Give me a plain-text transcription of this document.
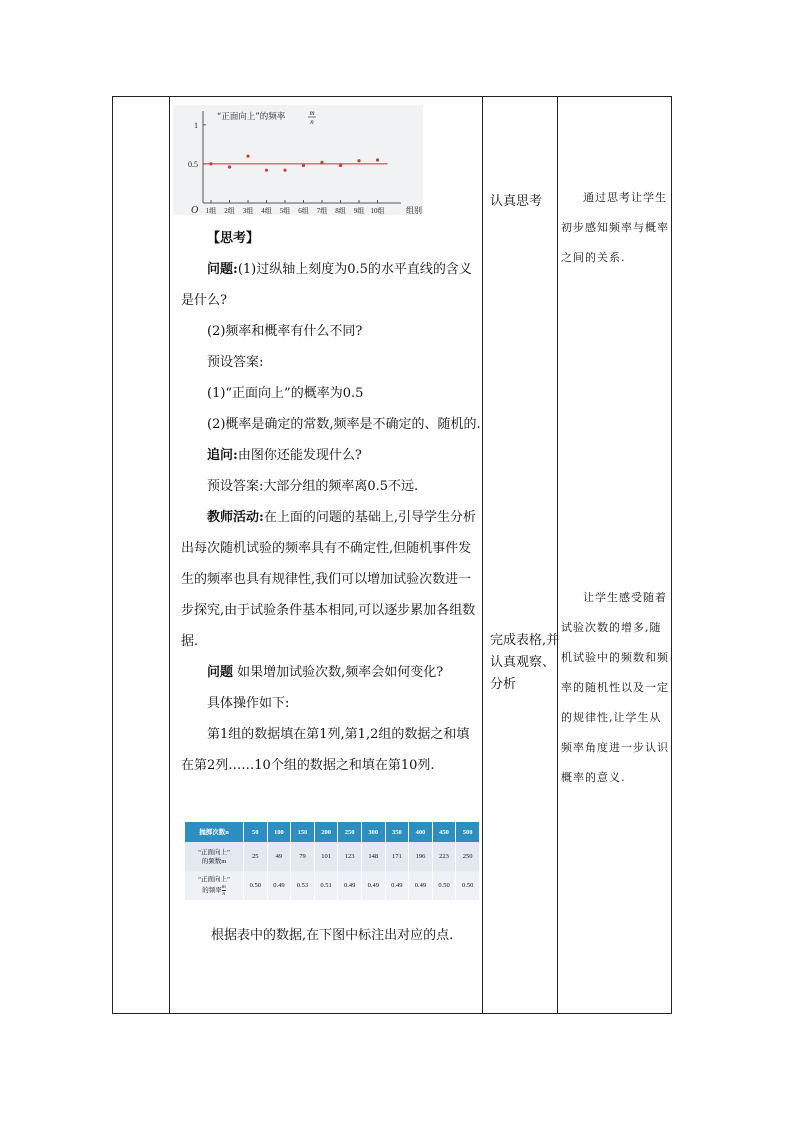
0.5
1
O 1组 2组 3组 4组 5组 6组 7组 8组 9组 10组	组别
“正面向上”的频率	m
n

【思考】

问题:(1)过纵轴上刻度为0.5的水平直线的含义是什么?

(2)频率和概率有什么不同?

预设答案:

(1)“正面向上”的概率为0.5

(2)概率是确定的常数,频率是不确定的、随机的.

追问:由图你还能发现什么?

预设答案:大部分组的频率离0.5不远.

教师活动:在上面的问题的基础上,引导学生分析出每次随机试验的频率具有不确定性,但随机事件发生的频率也具有规律性,我们可以增加试验次数进一步探究,由于试验条件基本相同,可以逐步累加各组数据.

问题 如果增加试验次数,频率会如何变化?

具体操作如下:

第1组的数据填在第1列,第1,2组的数据之和填在第2列……10个组的数据之和填在第10列.

抛掷次数n	50	100	150	200	250	300	350	400	450	500
“正面向上”
的频数m	25	49	79	101	123	148	171	196	223	250
“正面向上”
的频率 $\frac{m}{n}$	0.50	0.49	0.53	0.51	0.49	0.49	0.49	0.49	0.50	0.50

根据表中的数据,在下图中标注出对应的点.

认真思考
完成表格,并认真观察、分析
通过思考让学生初步感知频率与概率之间的关系.
让学生感受随着试验次数的增多,随机试验中的频数和频率的随机性以及一定的规律性,让学生从频率角度进一步认识概率的意义.
